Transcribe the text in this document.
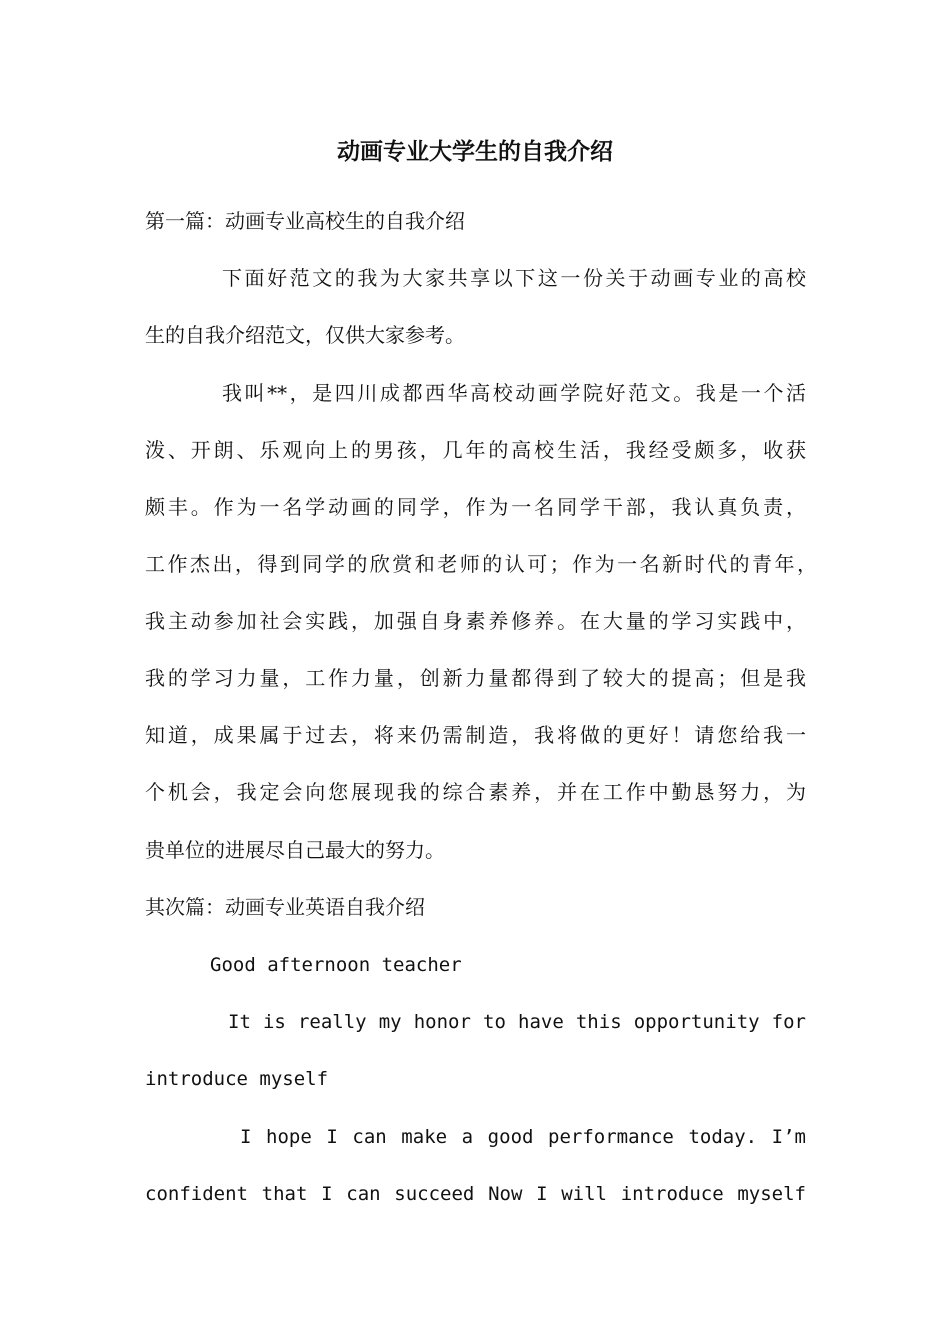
动画专业大学生的自我介绍
第一篇：动画专业高校生的自我介绍
下面好范文的我为大家共享以下这一份关于动画专业的高校
生的自我介绍范文，仅供大家参考。
我叫**，是四川成都西华高校动画学院好范文。我是一个活
泼、开朗、乐观向上的男孩，几年的高校生活，我经受颇多，收获
颇丰。作为一名学动画的同学，作为一名同学干部，我认真负责，
工作杰出，得到同学的欣赏和老师的认可；作为一名新时代的青年，
我主动参加社会实践，加强自身素养修养。在大量的学习实践中，
我的学习力量，工作力量，创新力量都得到了较大的提高；但是我
知道，成果属于过去，将来仍需制造，我将做的更好！请您给我一
个机会，我定会向您展现我的综合素养，并在工作中勤恳努力，为
贵单位的进展尽自己最大的努力。
其次篇：动画专业英语自我介绍
Good afternoon teacher
It is really my honor to have this opportunity for
introduce myself
I hope I can make a good performance today. I’m
confident that I can succeed Now I will introduce myself
